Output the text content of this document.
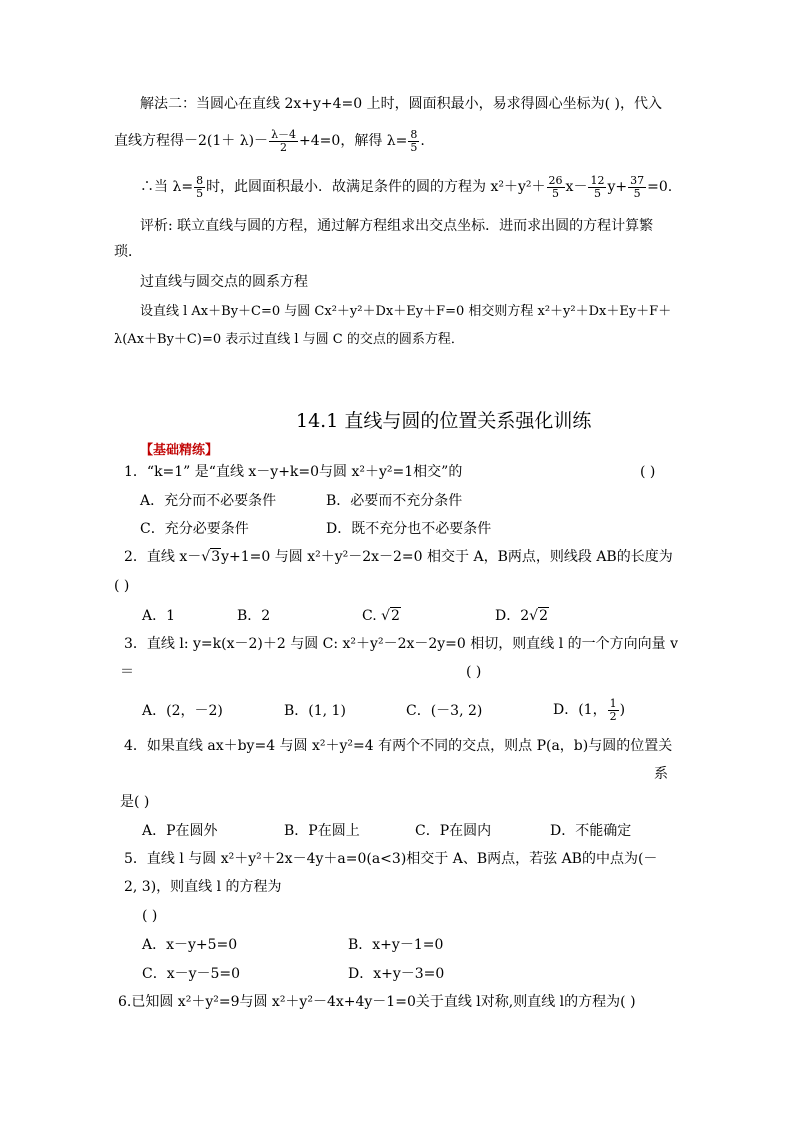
解法二：当圆心在直线 2x+y+4=0 上时，圆面积最小，易求得圆心坐标为( )，代入
直线方程得$-2(1+ \lambda)- \frac{\lambda-4}{2} +4=0$，解得 $\lambda= \frac{8}{5}$ .
∴当 $\lambda= \frac{8}{5}$ 时，此圆面积最小．故满足条件的圆的方程为 $x^2+y^2+ \frac{26}{5} x- \frac{12}{5} y+ \frac{37}{5} =0$.
评析: 联立直线与圆的方程，通过解方程组求出交点坐标．进而求出圆的方程计算繁
琐．
过直线与圆交点的圆系方程
设直线 l Ax＋By＋C=0 与圆 Cx²＋y²＋Dx＋Ey＋F=0 相交则方程 x²＋y²＋Dx＋Ey＋F＋
λ(Ax＋By＋C)=0 表示过直线 l 与圆 C 的交点的圆系方程．
14.1 直线与圆的位置关系强化训练
【基础精练】
1．“k=1” 是“直线 x－y+k=0与圆 x²＋y²=1相交”的	( )
A．充分而不必要条件	B．必要而不充分条件
C．充分必要条件	D．既不充分也不必要条件
2．直线 x－√3y+1=0 与圆 x²＋y²－2x－2=0 相交于 A，B两点，则线段 AB的长度为
( )
A．1	B．2	C. √2	D．2√2
3．直线 l: y=k(x－2)＋2 与圆 C: x²＋y²－2x－2y=0 相切，则直线 l 的一个方向向量 v
＝	( )
A．(2，－2)	B．(1, 1)	C．(－3, 2)	D．(1， $\frac{1}{2}$ )
4．如果直线 ax＋by=4 与圆 x²＋y²=4 有两个不同的交点，则点 P(a，b)与圆的位置关
系
是( )
A．P在圆外	B．P在圆上	C．P在圆内	D．不能确定
5．直线 l 与圆 x²＋y²＋2x－4y＋a=0(a<3)相交于 A、B两点，若弦 AB的中点为(－
2, 3)，则直线 l 的方程为
( )
A．x－y+5=0	B．x+y－1=0
C．x－y－5=0	D．x+y－3=0
6.已知圆 x²＋y²=9与圆 x²＋y²－4x+4y－1=0关于直线 l对称,则直线 l的方程为( )
